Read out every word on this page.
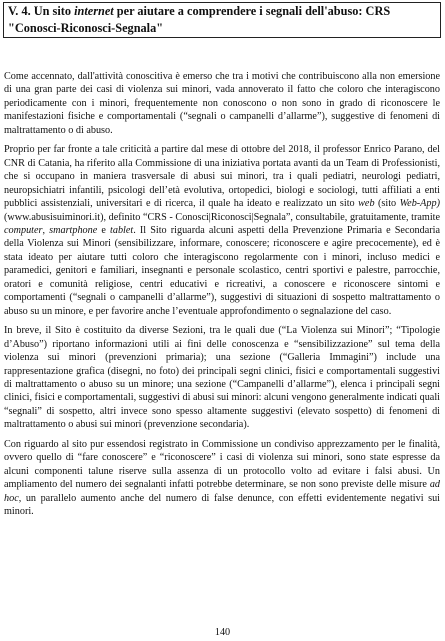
V. 4. Un sito internet per aiutare a comprendere i segnali dell'abuso: CRS
"Conosci-Riconosci-Segnala"

Come accennato, dall'attività conoscitiva è emerso che tra i motivi che contribuiscono alla non emersione di una gran parte dei casi di violenza sui minori, vada annoverato il fatto che coloro che interagiscono periodicamente con i minori, frequentemente non conoscono o non sono in grado di riconoscere le manifestazioni fisiche e comportamentali (“segnali o campanelli d’allarme”), suggestive di fenomeni di maltrattamento o di abuso.

Proprio per far fronte a tale criticità a partire dal mese di ottobre del 2018, il professor Enrico Parano, del CNR di Catania, ha riferito alla Commissione di una iniziativa portata avanti da un Team di Professionisti, che si occupano in maniera trasversale di abusi sui minori, tra i quali pediatri, neurologi pediatri, neuropsichiatri infantili, psicologi dell’età evolutiva, ortopedici, biologi e sociologi, tutti affiliati a enti pubblici assistenziali, universitari e di ricerca, il quale ha ideato e realizzato un sito web (sito Web-App) (www.abusisuiminori.it), definito “CRS - Conosci|Riconosci|Segnala”, consultabile, gratuitamente, tramite computer, smartphone e tablet. Il Sito riguarda alcuni aspetti della Prevenzione Primaria e Secondaria della Violenza sui Minori (sensibilizzare, informare, conoscere; riconoscere e agire precocemente), ed è stata ideato per aiutare tutti coloro che interagiscono regolarmente con i minori, incluso medici e paramedici, genitori e familiari, insegnanti e personale scolastico, centri sportivi e palestre, parrocchie, oratori e comunità religiose, centri educativi e ricreativi, a conoscere e riconoscere sintomi e comportamenti (“segnali o campanelli d’allarme”), suggestivi di situazioni di sospetto maltrattamento o abuso su un minore, e per favorire anche l’eventuale approfondimento o segnalazione del caso.

In breve, il Sito è costituito da diverse Sezioni, tra le quali due (“La Violenza sui Minori”; “Tipologie d’Abuso”) riportano informazioni utili ai fini delle conoscenza e “sensibilizzazione” sul tema della violenza sui minori (prevenzioni primaria); una sezione (“Galleria Immagini”) include una rappresentazione grafica (disegni, no foto) dei principali segni clinici, fisici e comportamentali suggestivi di maltrattamento o abuso su un minore; una sezione (“Campanelli d’allarme”), elenca i principali segni clinici, fisici e comportamentali, suggestivi di abusi sui minori: alcuni vengono generalmente indicati quali “segnali” di sospetto, altri invece sono spesso altamente suggestivi (elevato sospetto) di fenomeni di maltrattamento o abusi sui minori (prevenzione secondaria).

Con riguardo al sito pur essendosi registrato in Commissione un condiviso apprezzamento per le finalità, ovvero quello di “fare conoscere” e “riconoscere” i casi di violenza sui minori, sono state espresse da alcuni componenti talune riserve sulla assenza di un protocollo volto ad evitare i falsi abusi. Un ampliamento del numero dei segnalanti infatti potrebbe determinare, se non sono previste delle misure ad hoc, un parallelo aumento anche del numero di false denunce, con effetti evidentemente negativi sui minori.

140
